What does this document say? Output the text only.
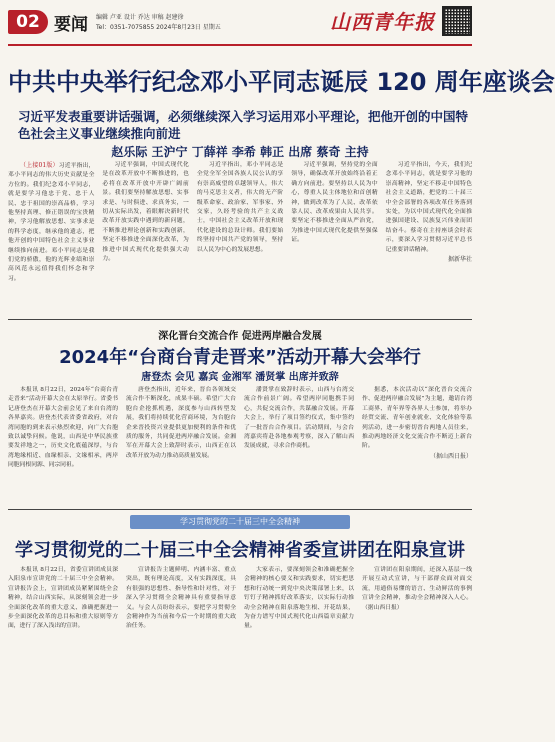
02 要闻 编辑 卢亚 设计 乔达 审稿 赵建徐
Tel：0351-7075855 2024年8月23日 星期五	山西青年报
中共中央举行纪念邓小平同志诞辰 120 周年座谈会
习近平发表重要讲话强调，必须继续深入学习运用邓小平理论，把他开创的中国特色社会主义事业继续推向前进
赵乐际 王沪宁 丁薛祥 李希 韩正 出席 蔡奇 主持

（上接01版）习近平指出，邓小平同志的伟大历史贡献是全方位的。我们纪念邓小平同志，就是要学习他忠于党、忠于人民、忠于祖国的崇高品格，学习他坚持真理、修正错误的宝贵精神，学习他解放思想、实事求是的科学态度，继承他的遗志，把他开创的中国特色社会主义事业继续推向前进。邓小平同志是我们党的骄傲，他的光辉业绩和崇高风范永远值得我们怀念和学习。

习近平强调，中国式现代化是在改革开放中不断推进的，也必将在改革开放中开辟广阔前景。我们要坚持解放思想、实事求是、与时俱进、求真务实，一切从实际出发，着眼解决新时代改革开放实践中遇到的新问题，不断推进理论创新和实践创新，坚定不移推进全面深化改革，为推进中国式现代化提供强大动力。

习近平指出，邓小平同志是全党全军全国各族人民公认的享有崇高威望的卓越领导人，伟大的马克思主义者，伟大的无产阶级革命家、政治家、军事家、外交家，久经考验的共产主义战士，中国社会主义改革开放和现代化建设的总设计师。我们要始终坚持中国共产党的领导，坚持以人民为中心的发展思想。

习近平强调，坚持党的全面领导，确保改革开放始终沿着正确方向前进。要坚持以人民为中心，尊重人民主体地位和首创精神，做到改革为了人民、改革依靠人民、改革成果由人民共享。要坚定不移推进全面从严治党，为推进中国式现代化提供坚强保证。

习近平指出，今天，我们纪念邓小平同志，就是要学习他的崇高精神，坚定不移走中国特色社会主义道路，把党的二十届三中全会部署的各项改革任务落到实处，为以中国式现代化全面推进强国建设、民族复兴伟业而团结奋斗。蔡奇在主持座谈会时表示，要深入学习贯彻习近平总书记重要讲话精神。

据新华社

深化晋台交流合作 促进两岸融合发展
2024年“台商台青走晋来”活动开幕大会举行
唐登杰 会见 嘉宾 金湘军 潘贤掌 出席并致辞

本报讯 8月22日，2024年“台商台青走晋来”活动开幕大会在太原举行。省委书记唐登杰在开幕大会前会见了来自台湾的各界嘉宾。唐登杰代表省委省政府，对台湾同胞的到来表示热烈欢迎，向广大台胞致以诚挚问候。他说，山西是中华民族重要发祥地之一，历史文化底蕴深厚，与台湾地缘相近、血缘相亲、文缘相承，两岸同胞同根同源、同宗同祖。

唐登杰指出，近年来，晋台各领域交流合作不断深化，成果丰硕。希望广大台胞台企抢抓机遇，深度参与山西转型发展，我们将持续优化营商环境，为台胞台企来晋投资兴业提供更加便利的条件和优质的服务，共同促进两岸融合发展。金湘军在开幕大会上致辞时表示，山西正在以改革开放为动力推动高质量发展。

潘贤掌在致辞时表示，山西与台湾交流合作前景广阔。希望两岸同胞携手同心，共促交流合作，共谋融合发展。开幕大会上，举行了项目签约仪式，集中签约了一批晋台合作项目。活动期间，与会台湾嘉宾将赴各地参观考察，深入了解山西发展成就，寻求合作商机。

据悉，本次活动以“深化晋台交流合作、促进两岸融合发展”为主题，邀请台湾工商界、青年界等各界人士参加，将举办经贸交流、青年创业就业、文化体验等系列活动，进一步密切晋台两地人员往来，推动两地经济文化交流合作不断迈上新台阶。

（据山西日报）

学习贯彻党的二十届三中全会精神
学习贯彻党的二十届三中全会精神省委宣讲团在阳泉宣讲

本报讯 8月22日，省委宣讲团成员深入阳泉市宣讲党的二十届三中全会精神。宣讲报告会上，宣讲团成员紧紧围绕全会精神，结合山西实际，从深刻领会进一步全面深化改革的重大意义、准确把握进一步全面深化改革的总目标和重大原则等方面，进行了深入浅出的宣讲。

宣讲报告主题鲜明、内涵丰富、重点突出，既有理论高度，又有实践深度，具有很强的思想性、指导性和针对性，对于深入学习贯彻全会精神具有重要指导意义。与会人员纷纷表示，要把学习贯彻全会精神作为当前和今后一个时期的重大政治任务。

大家表示，要深刻领会和准确把握全会精神的核心要义和实践要求，切实把思想和行动统一到党中央决策部署上来，以钉钉子精神抓好改革落实，以实际行动推动全会精神在阳泉落地生根、开花结果，为奋力谱写中国式现代化山西篇章贡献力量。

宣讲团在阳泉期间，还深入基层一线开展互动式宣讲，与干部群众面对面交流，用通俗易懂的语言、生动鲜活的事例宣讲全会精神，推动全会精神深入人心。（据山西日报）
